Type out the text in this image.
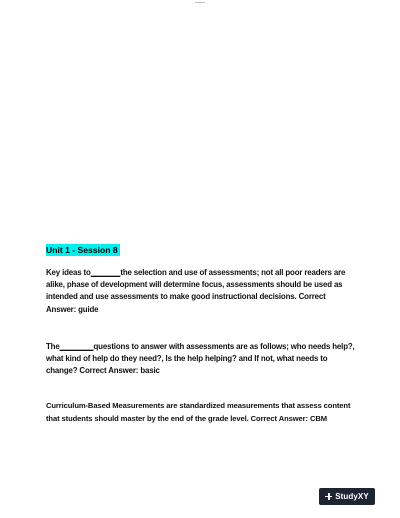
Unit 1 - Session 8

Key ideas to_______the selection and use of assessments; not all poor readers are alike, phase of development will determine focus, assessments should be used as intended and use assessments to make good instructional decisions. Correct Answer: guide

The________questions to answer with assessments are as follows; who needs help?, what kind of help do they need?, Is the help helping? and If not, what needs to change? Correct Answer: basic

Curriculum-Based Measurements are standardized measurements that assess content that students should master by the end of the grade level. Correct Answer: CBM

StudyXY
